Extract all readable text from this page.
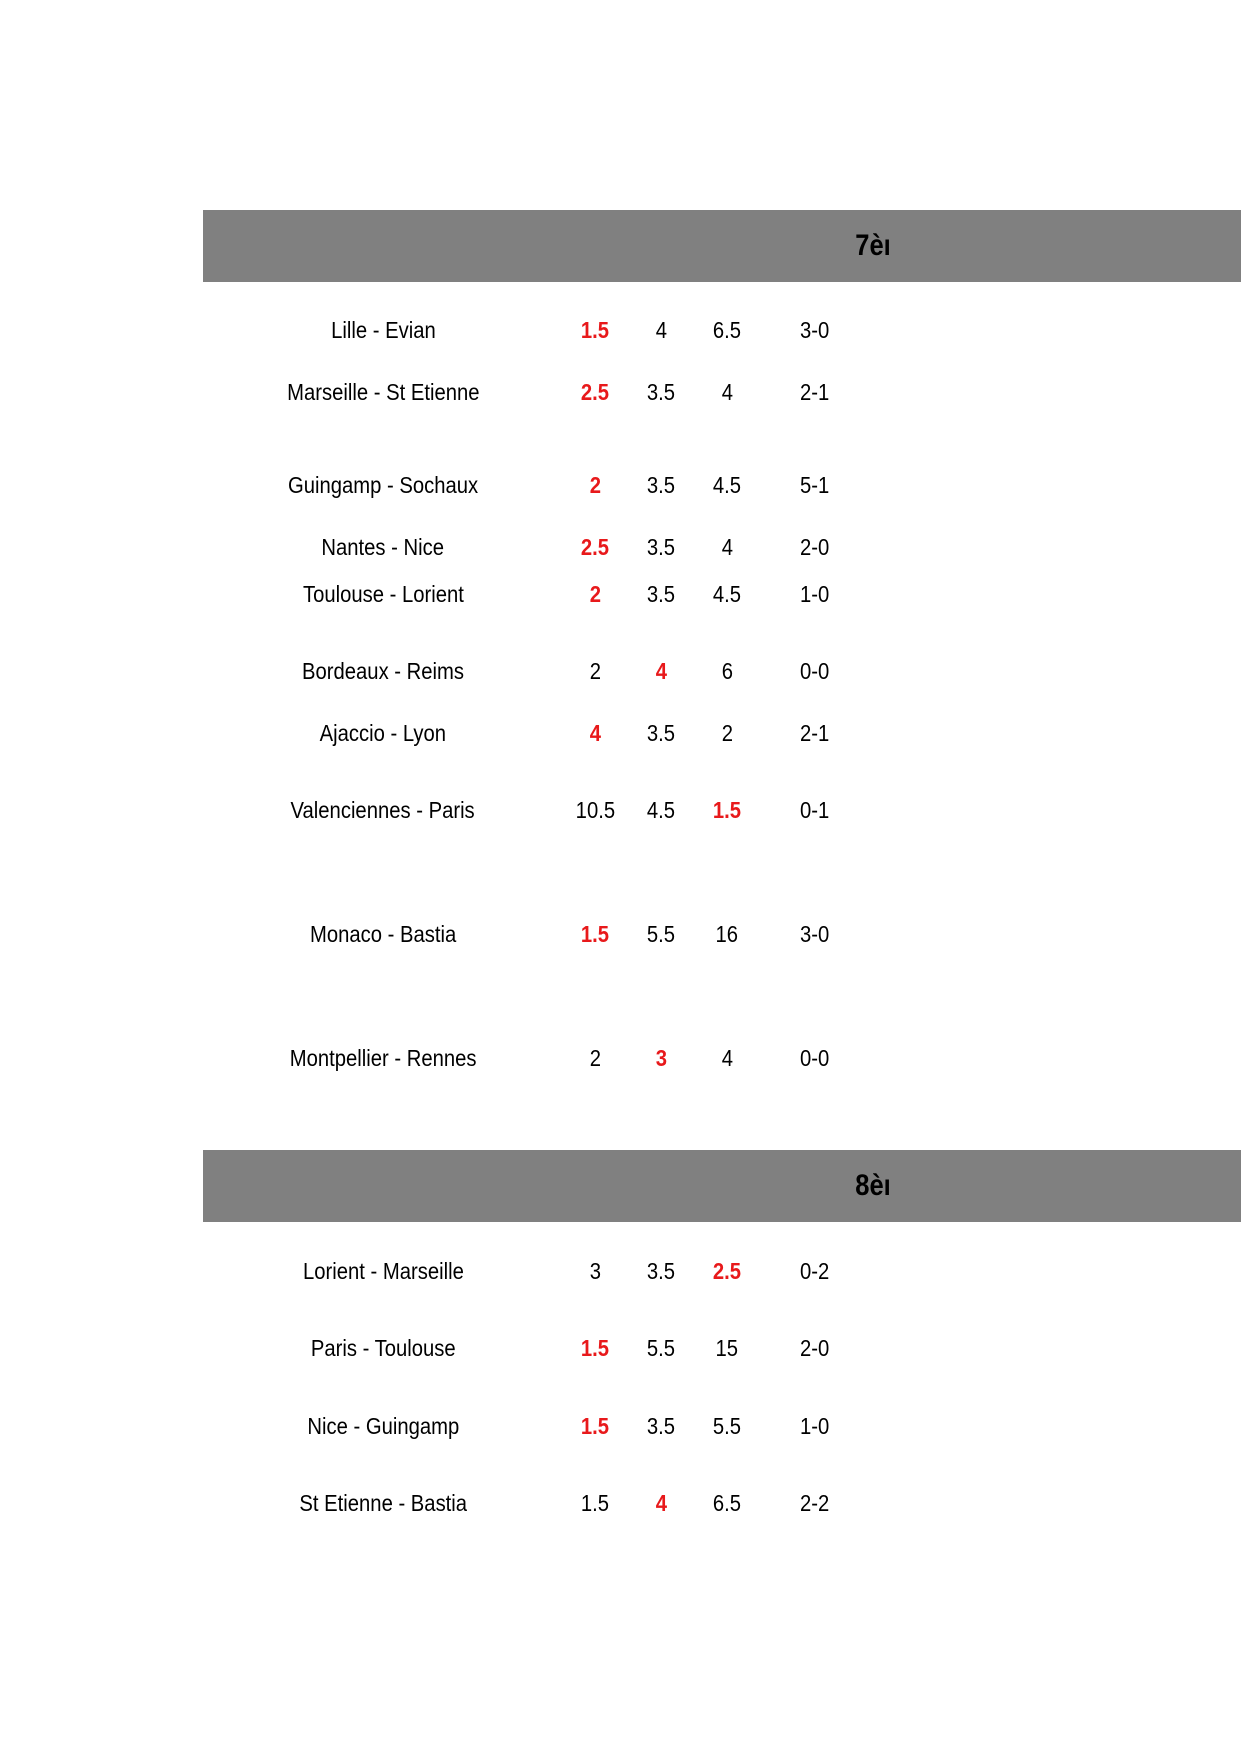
7èı
Lille - Evian	1.5	4	6.5	3-0
Marseille - St Etienne	2.5	3.5	4	2-1
Guingamp - Sochaux	2	3.5	4.5	5-1
Nantes - Nice	2.5	3.5	4	2-0
Toulouse - Lorient	2	3.5	4.5	1-0
Bordeaux - Reims	2	4	6	0-0
Ajaccio - Lyon	4	3.5	2	2-1
Valenciennes - Paris	10.5	4.5	1.5	0-1
Monaco - Bastia	1.5	5.5	16	3-0
Montpellier - Rennes	2	3	4	0-0
8èı
Lorient - Marseille	3	3.5	2.5	0-2
Paris - Toulouse	1.5	5.5	15	2-0
Nice - Guingamp	1.5	3.5	5.5	1-0
St Etienne - Bastia	1.5	4	6.5	2-2
